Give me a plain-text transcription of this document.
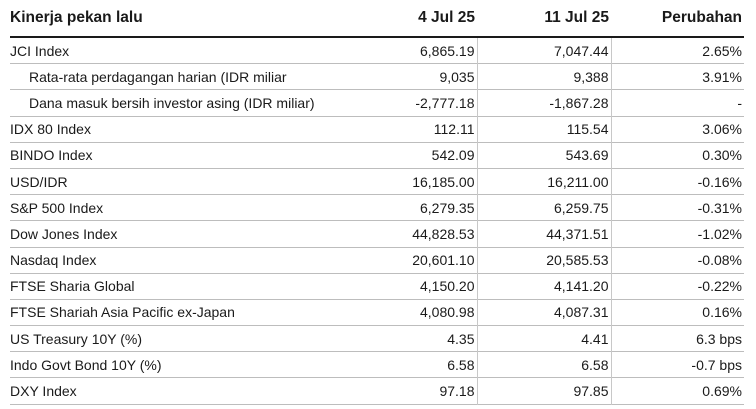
Kinerja pekan lalu	4 Jul 25	11 Jul 25	Perubahan
JCI Index	6,865.19	7,047.44	2.65%
Rata-rata perdagangan harian (IDR miliar	9,035	9,388	3.91%
Dana masuk bersih investor asing (IDR miliar)	-2,777.18	-1,867.28	-
IDX 80 Index	112.11	115.54	3.06%
BINDO Index	542.09	543.69	0.30%
USD/IDR	16,185.00	16,211.00	-0.16%
S&P 500 Index	6,279.35	6,259.75	-0.31%
Dow Jones Index	44,828.53	44,371.51	-1.02%
Nasdaq Index	20,601.10	20,585.53	-0.08%
FTSE Sharia Global	4,150.20	4,141.20	-0.22%
FTSE Shariah Asia Pacific ex-Japan	4,080.98	4,087.31	0.16%
US Treasury 10Y (%)	4.35	4.41	6.3 bps
Indo Govt Bond 10Y (%)	6.58	6.58	-0.7 bps
DXY Index	97.18	97.85	0.69%
